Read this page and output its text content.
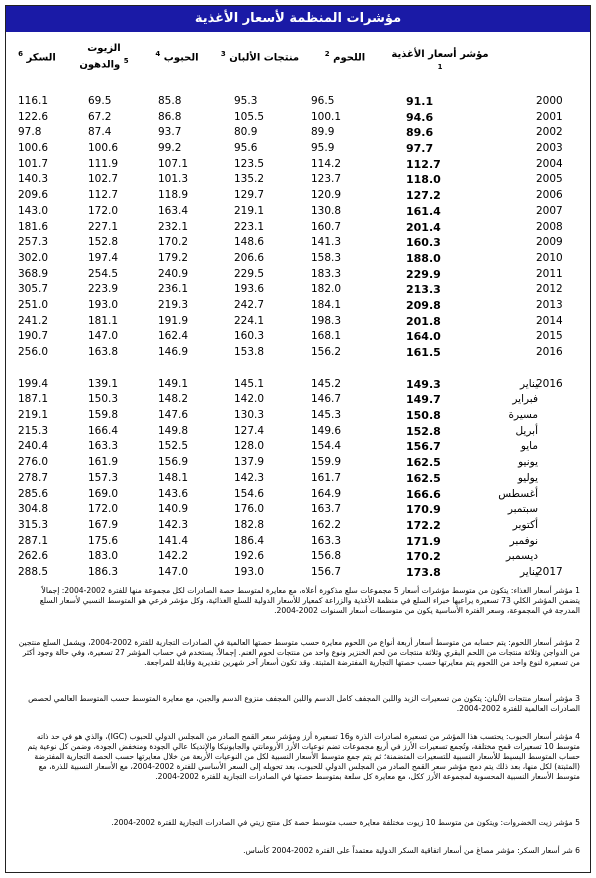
مؤشرات المنظمة لأسعار الأغذية
مؤشر أسعار الأغذية $^1$
اللحوم $^2$
منتجات الألبان $^3$
الحبوب $^4$
الزيوت
$^5$ والدهون
السكر $^6$
2000
2001
2002
2003
2004
2005
2006
2007
2008
2009
2010
2011
2012
2013
2014
2015
2016
يناير
2016
فبراير
مسيرة
أبريل
مايو
يونيو
يوليو
أغسطس
سبتمبر
أكتوبر
نوفمبر
ديسمبر
يناير
2017
91.1
94.6
89.6
97.7
112.7
118.0
127.2
161.4
201.4
160.3
188.0
229.9
213.3
209.8
201.8
164.0
161.5
149.3
149.7
150.8
152.8
156.7
162.5
162.5
166.6
170.9
172.2
171.9
170.2
173.8
96.5
100.1
89.9
95.9
114.2
123.7
120.9
130.8
160.7
141.3
158.3
183.3
182.0
184.1
198.3
168.1
156.2
145.2
146.7
145.3
149.6
154.4
159.9
161.7
164.9
163.7
162.2
163.3
156.8
156.7
95.3
105.5
80.9
95.6
123.5
135.2
129.7
219.1
223.1
148.6
206.6
229.5
193.6
242.7
224.1
160.3
153.8
145.1
142.0
130.3
127.4
128.0
137.9
142.3
154.6
176.0
182.8
186.4
192.6
193.0
85.8
86.8
93.7
99.2
107.1
101.3
118.9
163.4
232.1
170.2
179.2
240.9
236.1
219.3
191.9
162.4
146.9
149.1
148.2
147.6
149.8
152.5
156.9
148.1
143.6
140.9
142.3
141.4
142.2
147.0
69.5
67.2
87.4
100.6
111.9
102.7
112.7
172.0
227.1
152.8
197.4
254.5
223.9
193.0
181.1
147.0
163.8
139.1
150.3
159.8
166.4
163.3
161.9
157.3
169.0
172.0
167.9
175.6
183.0
186.3
116.1
122.6
97.8
100.6
101.7
140.3
209.6
143.0
181.6
257.3
302.0
368.9
305.7
251.0
241.2
190.7
256.0
199.4
187.1
219.1
215.3
240.4
276.0
278.7
285.6
304.8
315.3
287.1
262.6
288.5
1 مؤشر أسعار الغذاء: يتكون من متوسط مؤشرات أسعار 5 مجموعات سلع مذكورة أعلاه، مع معايرة لمتوسط حصة الصادرات لكل مجموعة منها للفترة 2002-2004: إجمالاً يتضمن المؤشر الكلي 73 تسعيرة يراعيها خبراء السلع في منظمة الأغذية والزراعة كمعيار للأسعار الدولية للسلع الغذائية، وكل مؤشر فرعي هو المتوسط النسبي لأسعار السلع المدرجة في المجموعة، وسعر الفترة الأساسية يكون من متوسطات أسعار السنوات 2002-2004.
2 مؤشر أسعار اللحوم: يتم حسابه من متوسط أسعار أربعة أنواع من اللحوم معايرة حسب متوسط حصتها العالمية في الصادرات التجارية للفترة 2002-2004، ويشمل السلع منتجين من الدواجن وثلاثة منتجات من اللحم البقري وثلاثة منتجات من لحم الخنزير ونوع واحد من منتجات لحوم الغنم. إجمالاً، يستخدم في حساب المؤشر 27 تسعيرة، وفي حالة وجود أكثر من تسعيرة لنوع واحد من اللحوم يتم معايرتها حسب حصتها التجارية المفترضة المثبتة. وقد تكون أسعار آخر شهرين تقديرية وقابلة للمراجعة.
3 مؤشر أسعار منتجات الألبان: يتكون من تسعيرات الزبد واللبن المجفف كامل الدسم واللبن المجفف منزوع الدسم والجبن، مع معايرة المتوسط حسب المتوسط العالمي لحصص الصادرات العالمية للفترة 2002-2004.
4 مؤشر أسعار الحبوب: يحتسب هذا المؤشر من تسعيرة لصادرات الذرة و16 تسعيرة أرز ومؤشر سعر القمح الصادر من المجلس الدولي للحبوب (IGC)، والذي هو في حد ذاته متوسط 10 تسعيرات قمح مختلفة، وتُجمع تسعيرات الأرز في أربع مجموعات تضم نوعيات الأرز الأرومانتي والجابونيكا والإنديكا عالي الجودة ومنخفض الجودة، وضمن كل نوعية يتم حساب المتوسط البسيط للأسعار النسبية للتسعيرات المتضمنة؛ ثم يتم جمع متوسط الأسعار النسبية لكل من النوعيات الأربعة من خلال معايرتها حسب الحصة التجارية المفترضة (المثبتة) لكل منها، بعد ذلك يتم دمج مؤشر سعر القمح الصادر من المجلس الدولي للحبوب، بعد تحويله إلى السعر الأساسي للفترة 2002-2004، مع الأسعار النسبية للذرة، مع متوسط الأسعار النسبية المحسوبة لمجموعة الأرز ككل، مع معايرة كل سلعة بمتوسط حصتها في الصادرات التجارية للفترة 2002-2004.
5 مؤشر زيت الخضروات: ويتكون من متوسط 10 زيوت مختلفة معايرة حسب متوسط حصة كل منتج زيتي في الصادرات التجارية للفترة 2002-2004.
6 شر أسعار السكر: مؤشر مصاغ من أسعار اتفاقية السكر الدولية معتمداً على الفترة 2002-2004 كأساس.
